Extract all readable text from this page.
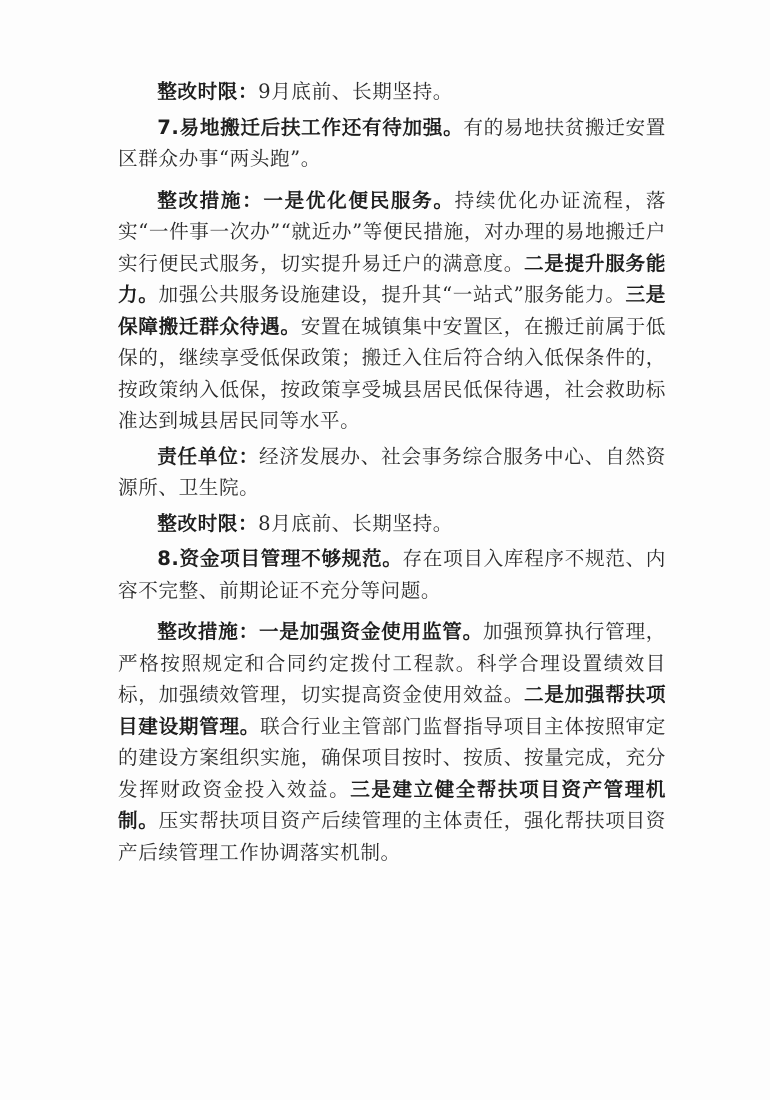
整改时限：9月底前、长期坚持。

7.易地搬迁后扶工作还有待加强。有的易地扶贫搬迁安置区群众办事“两头跑”。

整改措施：一是优化便民服务。持续优化办证流程，落实“一件事一次办”“就近办”等便民措施，对办理的易地搬迁户实行便民式服务，切实提升易迁户的满意度。二是提升服务能力。加强公共服务设施建设，提升其“一站式”服务能力。三是保障搬迁群众待遇。安置在城镇集中安置区，在搬迁前属于低保的，继续享受低保政策；搬迁入住后符合纳入低保条件的，按政策纳入低保，按政策享受城县居民低保待遇，社会救助标准达到城县居民同等水平。

责任单位：经济发展办、社会事务综合服务中心、自然资源所、卫生院。

整改时限：8月底前、长期坚持。

8.资金项目管理不够规范。存在项目入库程序不规范、内容不完整、前期论证不充分等问题。

整改措施：一是加强资金使用监管。加强预算执行管理，严格按照规定和合同约定拨付工程款。科学合理设置绩效目标，加强绩效管理，切实提高资金使用效益。二是加强帮扶项目建设期管理。联合行业主管部门监督指导项目主体按照审定的建设方案组织实施，确保项目按时、按质、按量完成，充分发挥财政资金投入效益。三是建立健全帮扶项目资产管理机制。压实帮扶项目资产后续管理的主体责任，强化帮扶项目资产后续管理工作协调落实机制。
